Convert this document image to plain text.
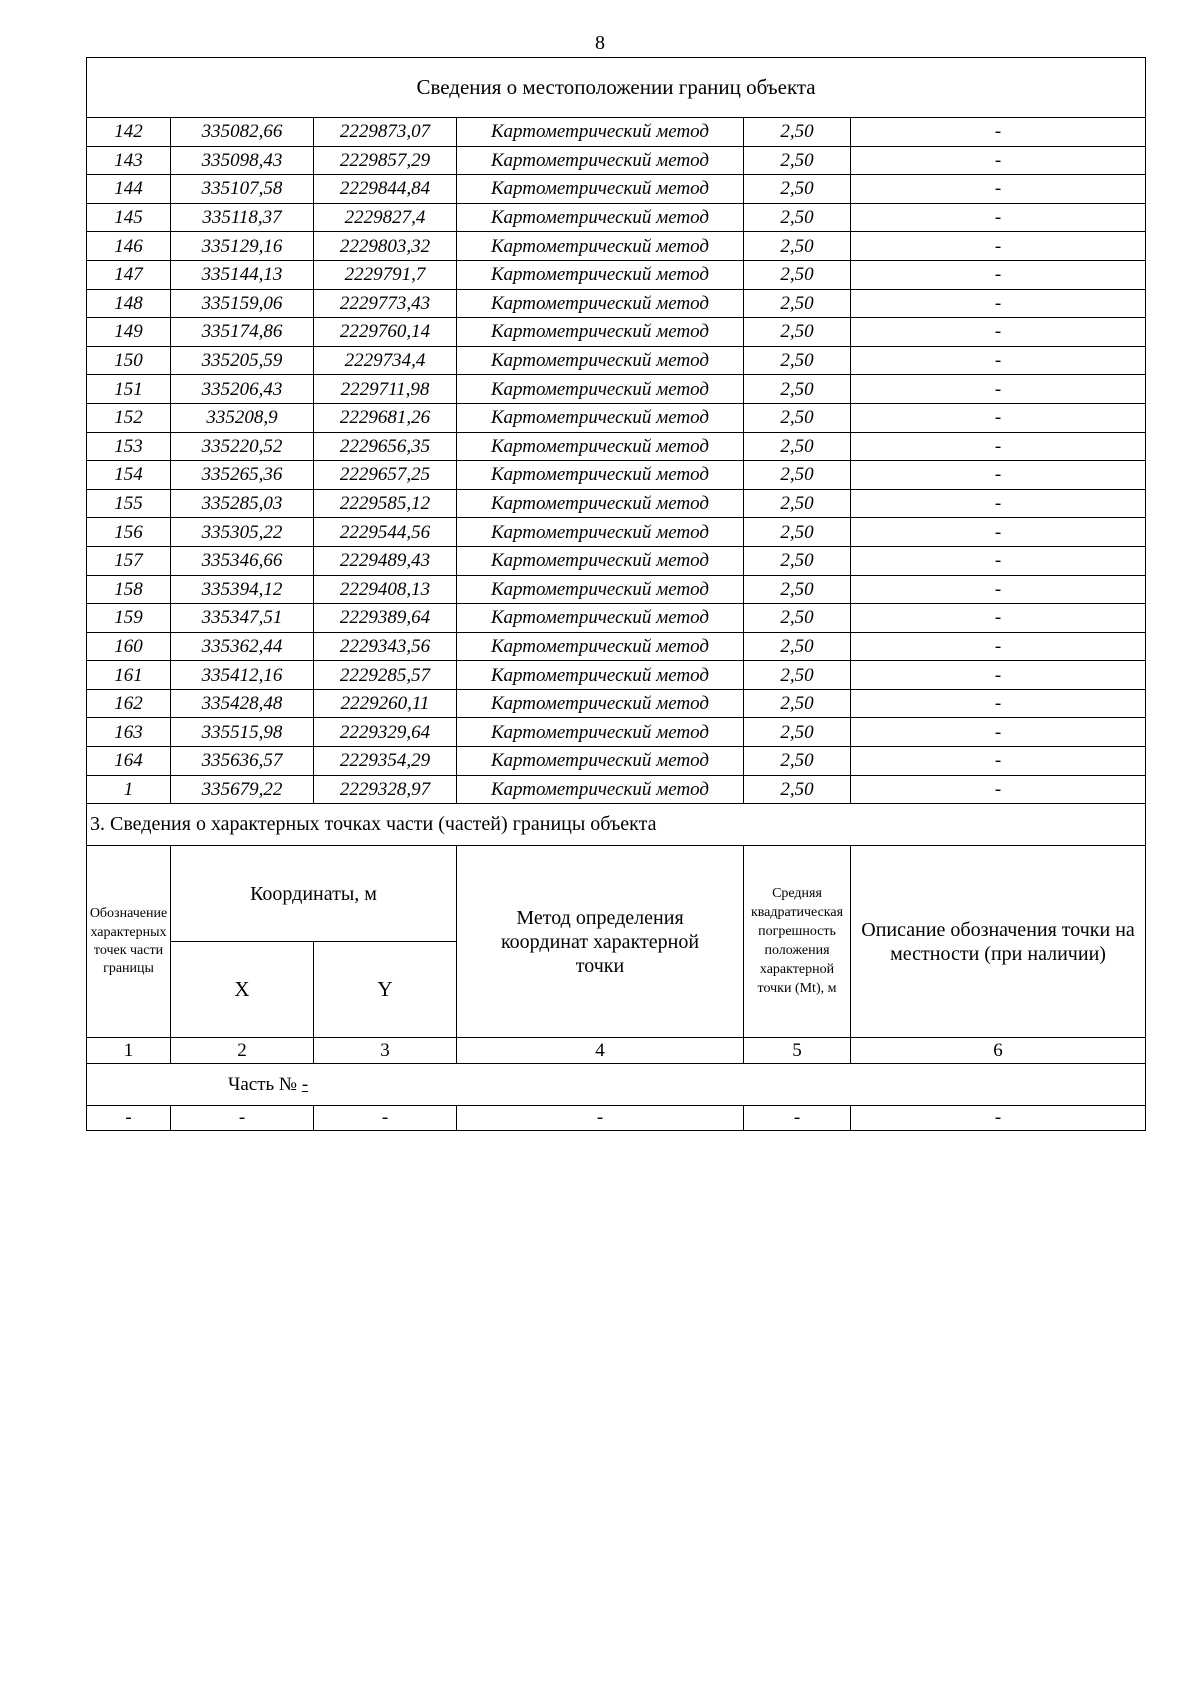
8
Сведения о местоположении границ объекта					
142	335082,66	2229873,07	Картометрический метод	2,50	-
143	335098,43	2229857,29	Картометрический метод	2,50	-
144	335107,58	2229844,84	Картометрический метод	2,50	-
145	335118,37	2229827,4	Картометрический метод	2,50	-
146	335129,16	2229803,32	Картометрический метод	2,50	-
147	335144,13	2229791,7	Картометрический метод	2,50	-
148	335159,06	2229773,43	Картометрический метод	2,50	-
149	335174,86	2229760,14	Картометрический метод	2,50	-
150	335205,59	2229734,4	Картометрический метод	2,50	-
151	335206,43	2229711,98	Картометрический метод	2,50	-
152	335208,9	2229681,26	Картометрический метод	2,50	-
153	335220,52	2229656,35	Картометрический метод	2,50	-
154	335265,36	2229657,25	Картометрический метод	2,50	-
155	335285,03	2229585,12	Картометрический метод	2,50	-
156	335305,22	2229544,56	Картометрический метод	2,50	-
157	335346,66	2229489,43	Картометрический метод	2,50	-
158	335394,12	2229408,13	Картометрический метод	2,50	-
159	335347,51	2229389,64	Картометрический метод	2,50	-
160	335362,44	2229343,56	Картометрический метод	2,50	-
161	335412,16	2229285,57	Картометрический метод	2,50	-
162	335428,48	2229260,11	Картометрический метод	2,50	-
163	335515,98	2229329,64	Картометрический метод	2,50	-
164	335636,57	2229354,29	Картометрический метод	2,50	-
1	335679,22	2229328,97	Картометрический метод	2,50	-
3. Сведения о характерных точках части (частей) границы объекта					
Обозначение характерных точек части границы	Координаты, м		Метод определения координат характерной точки	Средняя квадратическая погрешность положения характерной точки (Mt), м	Описание обозначения точки на местности (при наличии)
	X	Y			
1	2	3	4	5	6
Часть № -					
-	-	-	-	-	-
